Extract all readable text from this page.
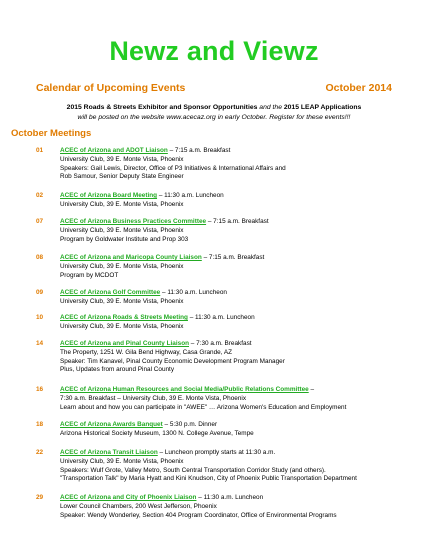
Newz and Viewz
Calendar of Upcoming Events	October 2014
2015 Roads & Streets Exhibitor and Sponsor Opportunities and the 2015 LEAP Applications
will be posted on the website www.acecaz.org in early October. Register for these events!!!
October Meetings
01	ACEC of Arizona and ADOT Liaison – 7:15 a.m. Breakfast
University Club, 39 E. Monte Vista, Phoenix
Speakers: Gail Lewis, Director, Office of P3 Initiatives & International Affairs and
Rob Samour, Senior Deputy State Engineer
02	ACEC of Arizona Board Meeting – 11:30 a.m. Luncheon
University Club, 39 E. Monte Vista, Phoenix
07	ACEC of Arizona Business Practices Committee – 7:15 a.m. Breakfast
University Club, 39 E. Monte Vista, Phoenix
Program by Goldwater Institute and Prop 303
08	ACEC of Arizona and Maricopa County Liaison – 7:15 a.m. Breakfast
University Club, 39 E. Monte Vista, Phoenix
Program by MCDOT
09	ACEC of Arizona Golf Committee – 11:30 a.m. Luncheon
University Club, 39 E. Monte Vista, Phoenix
10	ACEC of Arizona Roads & Streets Meeting – 11:30 a.m. Luncheon
University Club, 39 E. Monte Vista, Phoenix
14	ACEC of Arizona and Pinal County Liaison – 7:30 a.m. Breakfast
The Property, 1251 W. Gila Bend Highway, Casa Grande, AZ
Speaker: Tim Kanavel, Pinal County Economic Development Program Manager
Plus, Updates from around Pinal County
16	ACEC of Arizona Human Resources and Social Media/Public Relations Committee –
7:30 a.m. Breakfast – University Club, 39 E. Monte Vista, Phoenix
Learn about and how you can participate in "AWEE" … Arizona Women's Education and Employment
18	ACEC of Arizona Awards Banquet – 5:30 p.m. Dinner
Arizona Historical Society Museum, 1300 N. College Avenue, Tempe
22	ACEC of Arizona Transit Liaison – Luncheon promptly starts at 11:30 a.m.
University Club, 39 E. Monte Vista, Phoenix
Speakers: Wulf Grote, Valley Metro, South Central Transportation Corridor Study (and others).
"Transportation Talk" by Maria Hyatt and Kini Knudson, City of Phoenix Public Transportation Department
29	ACEC of Arizona and City of Phoenix Liaison – 11:30 a.m. Luncheon
Lower Council Chambers, 200 West Jefferson, Phoenix
Speaker: Wendy Wonderley, Section 404 Program Coordinator, Office of Environmental Programs
